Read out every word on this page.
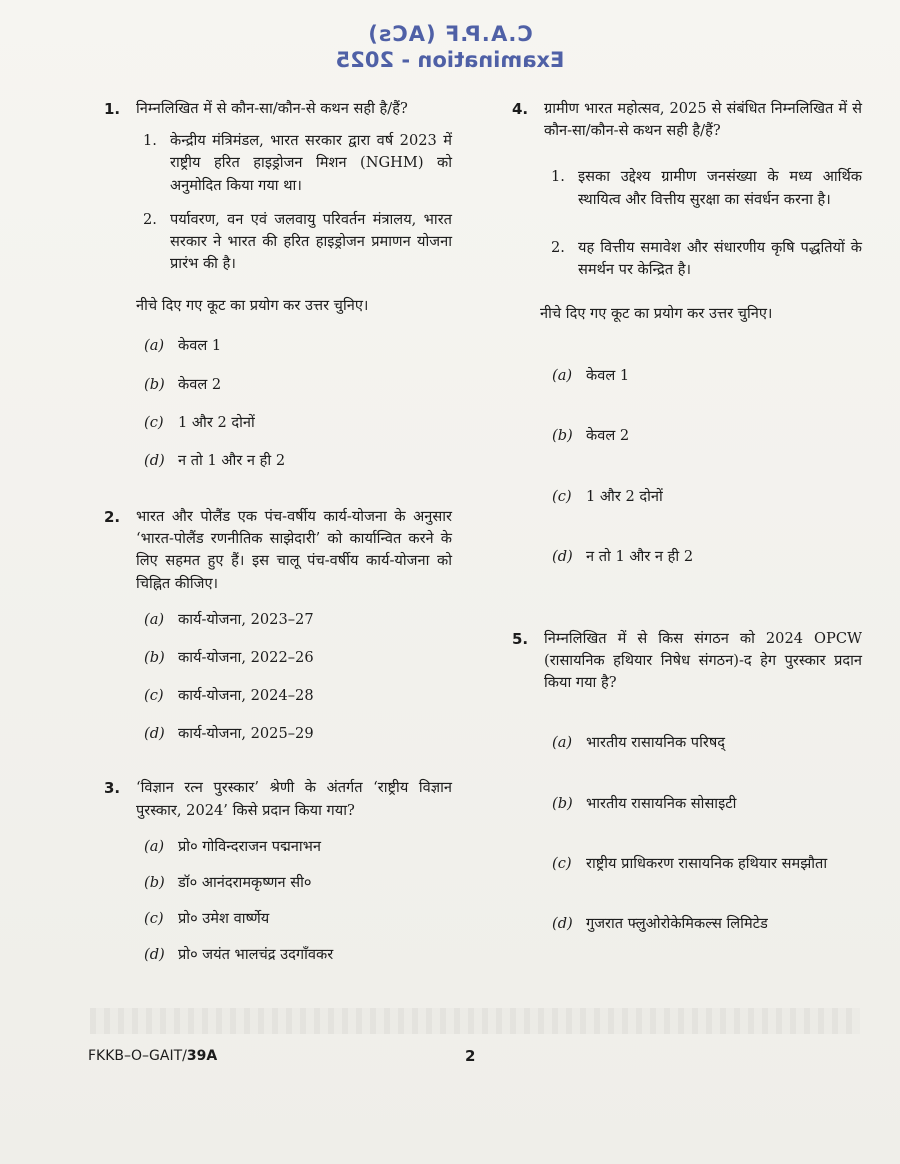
C.A.P.F (ACs)
Examination - 2025
1. निम्नलिखित में से कौन-सा/कौन-से कथन सही है/हैं?
1. केन्द्रीय मंत्रिमंडल, भारत सरकार द्वारा वर्ष 2023 में राष्ट्रीय हरित हाइड्रोजन मिशन (NGHM) को अनुमोदित किया गया था।
2. पर्यावरण, वन एवं जलवायु परिवर्तन मंत्रालय, भारत सरकार ने भारत की हरित हाइड्रोजन प्रमाणन योजना प्रारंभ की है।
नीचे दिए गए कूट का प्रयोग कर उत्तर चुनिए।
(a) केवल 1
(b) केवल 2
(c) 1 और 2 दोनों
(d) न तो 1 और न ही 2
2. भारत और पोलैंड एक पंच-वर्षीय कार्य-योजना के अनुसार ‘भारत-पोलैंड रणनीतिक साझेदारी’ को कार्यान्वित करने के लिए सहमत हुए हैं। इस चालू पंच-वर्षीय कार्य-योजना को चिह्नित कीजिए।
(a) कार्य-योजना, 2023–27
(b) कार्य-योजना, 2022–26
(c) कार्य-योजना, 2024–28
(d) कार्य-योजना, 2025–29
3. ‘विज्ञान रत्न पुरस्कार’ श्रेणी के अंतर्गत ‘राष्ट्रीय विज्ञान पुरस्कार, 2024’ किसे प्रदान किया गया?
(a) प्रो० गोविन्दराजन पद्मनाभन
(b) डॉ० आनंदरामकृष्णन सी०
(c) प्रो० उमेश वार्ष्णेय
(d) प्रो० जयंत भालचंद्र उदगाँवकर
4. ग्रामीण भारत महोत्सव, 2025 से संबंधित निम्नलिखित में से कौन-सा/कौन-से कथन सही है/हैं?
1. इसका उद्देश्य ग्रामीण जनसंख्या के मध्य आर्थिक स्थायित्व और वित्तीय सुरक्षा का संवर्धन करना है।
2. यह वित्तीय समावेश और संधारणीय कृषि पद्धतियों के समर्थन पर केन्द्रित है।
नीचे दिए गए कूट का प्रयोग कर उत्तर चुनिए।
(a) केवल 1
(b) केवल 2
(c) 1 और 2 दोनों
(d) न तो 1 और न ही 2
5. निम्नलिखित में से किस संगठन को 2024 OPCW (रासायनिक हथियार निषेध संगठन)-द हेग पुरस्कार प्रदान किया गया है?
(a) भारतीय रासायनिक परिषद्
(b) भारतीय रासायनिक सोसाइटी
(c) राष्ट्रीय प्राधिकरण रासायनिक हथियार समझौता
(d) गुजरात फ्लुओरोकेमिकल्स लिमिटेड
FKKB–O–GAIT/39A	2
